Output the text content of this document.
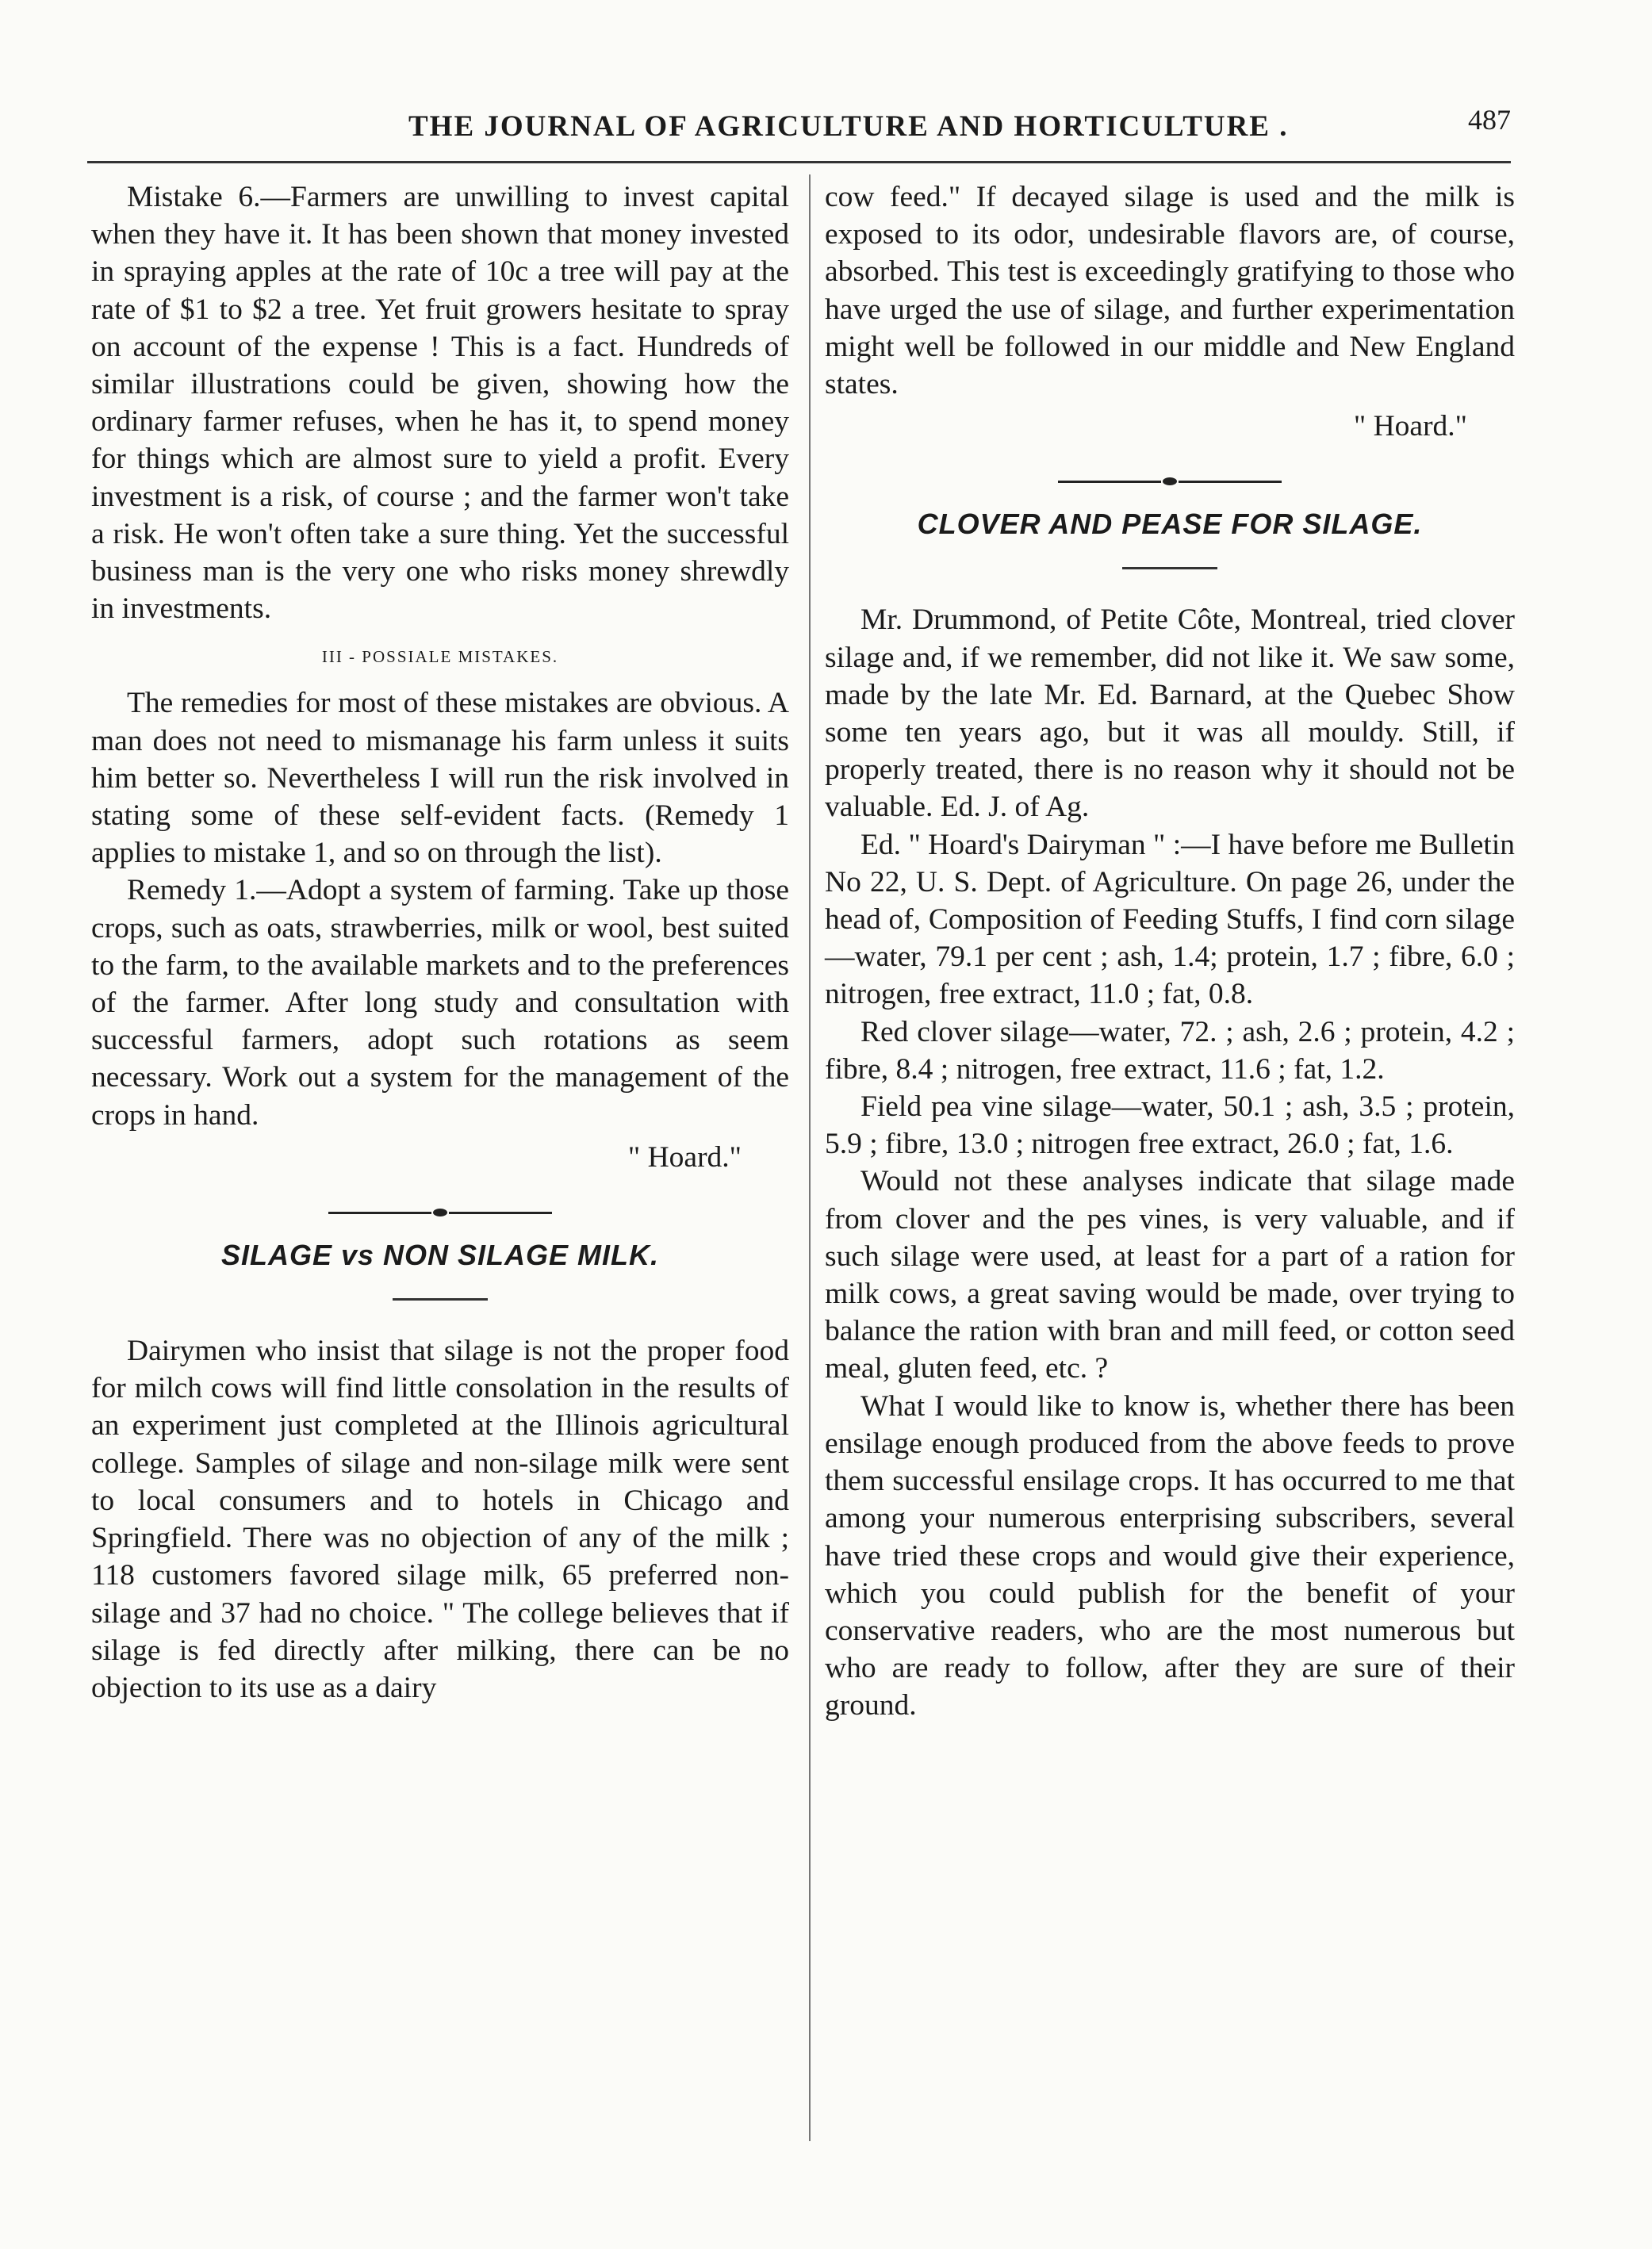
THE JOURNAL OF AGRICULTURE AND HORTICULTURE .	487

Mistake 6.—Farmers are unwilling to invest capital when they have it. It has been shown that money invested in spraying apples at the rate of 10c a tree will pay at the rate of $1 to $2 a tree. Yet fruit growers hesitate to spray on account of the expense ! This is a fact. Hundreds of similar illustrations could be given, showing how the ordinary farmer refuses, when he has it, to spend money for things which are almost sure to yield a profit. Every investment is a risk, of course ; and the farmer won't take a risk. He won't often take a sure thing. Yet the successful business man is the very one who risks money shrewdly in investments.

III - POSSIALE MISTAKES.

The remedies for most of these mistakes are obvious. A man does not need to mismanage his farm unless it suits him better so. Nevertheless I will run the risk involved in stating some of these self-evident facts. (Remedy 1 applies to mistake 1, and so on through the list).

Remedy 1.—Adopt a system of farming. Take up those crops, such as oats, strawberries, milk or wool, best suited to the farm, to the available markets and to the preferences of the farmer. After long study and consultation with successful farmers, adopt such rotations as seem necessary. Work out a system for the management of the crops in hand.

" Hoard."

SILAGE vs NON SILAGE MILK.

Dairymen who insist that silage is not the proper food for milch cows will find little consolation in the results of an experiment just completed at the Illinois agricultural college. Samples of silage and non-silage milk were sent to local consumers and to hotels in Chicago and Springfield. There was no objection of any of the milk ; 118 customers favored silage milk, 65 preferred non-silage and 37 had no choice. " The college believes that if silage is fed directly after milking, there can be no objection to its use as a dairy

cow feed." If decayed silage is used and the milk is exposed to its odor, undesirable flavors are, of course, absorbed. This test is exceedingly gratifying to those who have urged the use of silage, and further experimentation might well be followed in our middle and New England states.

" Hoard."

CLOVER AND PEASE FOR SILAGE.

Mr. Drummond, of Petite Côte, Montreal, tried clover silage and, if we remember, did not like it. We saw some, made by the late Mr. Ed. Barnard, at the Quebec Show some ten years ago, but it was all mouldy. Still, if properly treated, there is no reason why it should not be valuable. Ed. J. of Ag.

Ed. " Hoard's Dairyman " :—I have before me Bulletin No 22, U. S. Dept. of Agriculture. On page 26, under the head of, Composition of Feeding Stuffs, I find corn silage—water, 79.1 per cent ; ash, 1.4; protein, 1.7 ; fibre, 6.0 ; nitrogen, free extract, 11.0 ; fat, 0.8.

Red clover silage—water, 72. ; ash, 2.6 ; protein, 4.2 ; fibre, 8.4 ; nitrogen, free extract, 11.6 ; fat, 1.2.

Field pea vine silage—water, 50.1 ; ash, 3.5 ; protein, 5.9 ; fibre, 13.0 ; nitrogen free extract, 26.0 ; fat, 1.6.

Would not these analyses indicate that silage made from clover and the pes vines, is very valuable, and if such silage were used, at least for a part of a ration for milk cows, a great saving would be made, over trying to balance the ration with bran and mill feed, or cotton seed meal, gluten feed, etc. ?

What I would like to know is, whether there has been ensilage enough produced from the above feeds to prove them successful ensilage crops. It has occurred to me that among your numerous enterprising subscribers, several have tried these crops and would give their experience, which you could publish for the benefit of your conservative readers, who are the most numerous but who are ready to follow, after they are sure of their ground.
